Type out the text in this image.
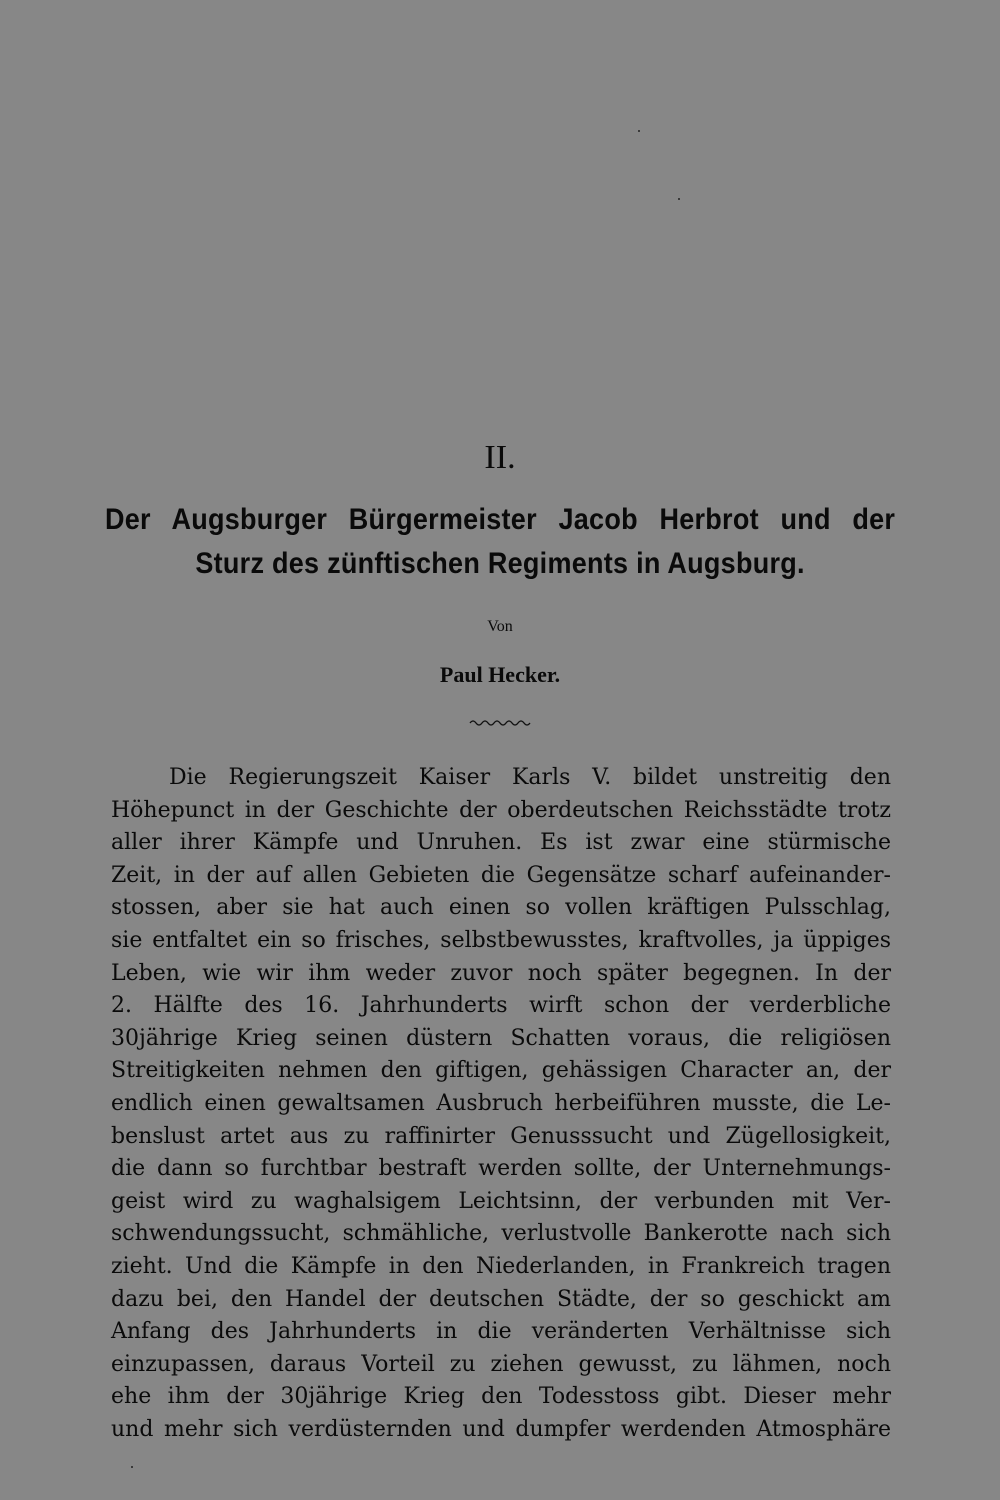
II.
Der Augsburger Bürgermeister Jacob Herbrot und der
Sturz des zünftischen Regiments in Augsburg.
Von
Paul Hecker.
Die Regierungszeit Kaiser Karls V. bildet unstreitig den
Höhepunct in der Geschichte der oberdeutschen Reichsstädte trotz
aller ihrer Kämpfe und Unruhen. Es ist zwar eine stürmische
Zeit, in der auf allen Gebieten die Gegensätze scharf aufeinander-
stossen, aber sie hat auch einen so vollen kräftigen Pulsschlag,
sie entfaltet ein so frisches, selbstbewusstes, kraftvolles, ja üppiges
Leben, wie wir ihm weder zuvor noch später begegnen. In der
2. Hälfte des 16. Jahrhunderts wirft schon der verderbliche
30jährige Krieg seinen düstern Schatten voraus, die religiösen
Streitigkeiten nehmen den giftigen, gehässigen Character an, der
endlich einen gewaltsamen Ausbruch herbeiführen musste, die Le-
benslust artet aus zu raffinirter Genusssucht und Zügellosigkeit,
die dann so furchtbar bestraft werden sollte, der Unternehmungs-
geist wird zu waghalsigem Leichtsinn, der verbunden mit Ver-
schwendungssucht, schmähliche, verlustvolle Bankerotte nach sich
zieht. Und die Kämpfe in den Niederlanden, in Frankreich tragen
dazu bei, den Handel der deutschen Städte, der so geschickt am
Anfang des Jahrhunderts in die veränderten Verhältnisse sich
einzupassen, daraus Vorteil zu ziehen gewusst, zu lähmen, noch
ehe ihm der 30jährige Krieg den Todesstoss gibt. Dieser mehr
und mehr sich verdüsternden und dumpfer werdenden Atmosphäre
